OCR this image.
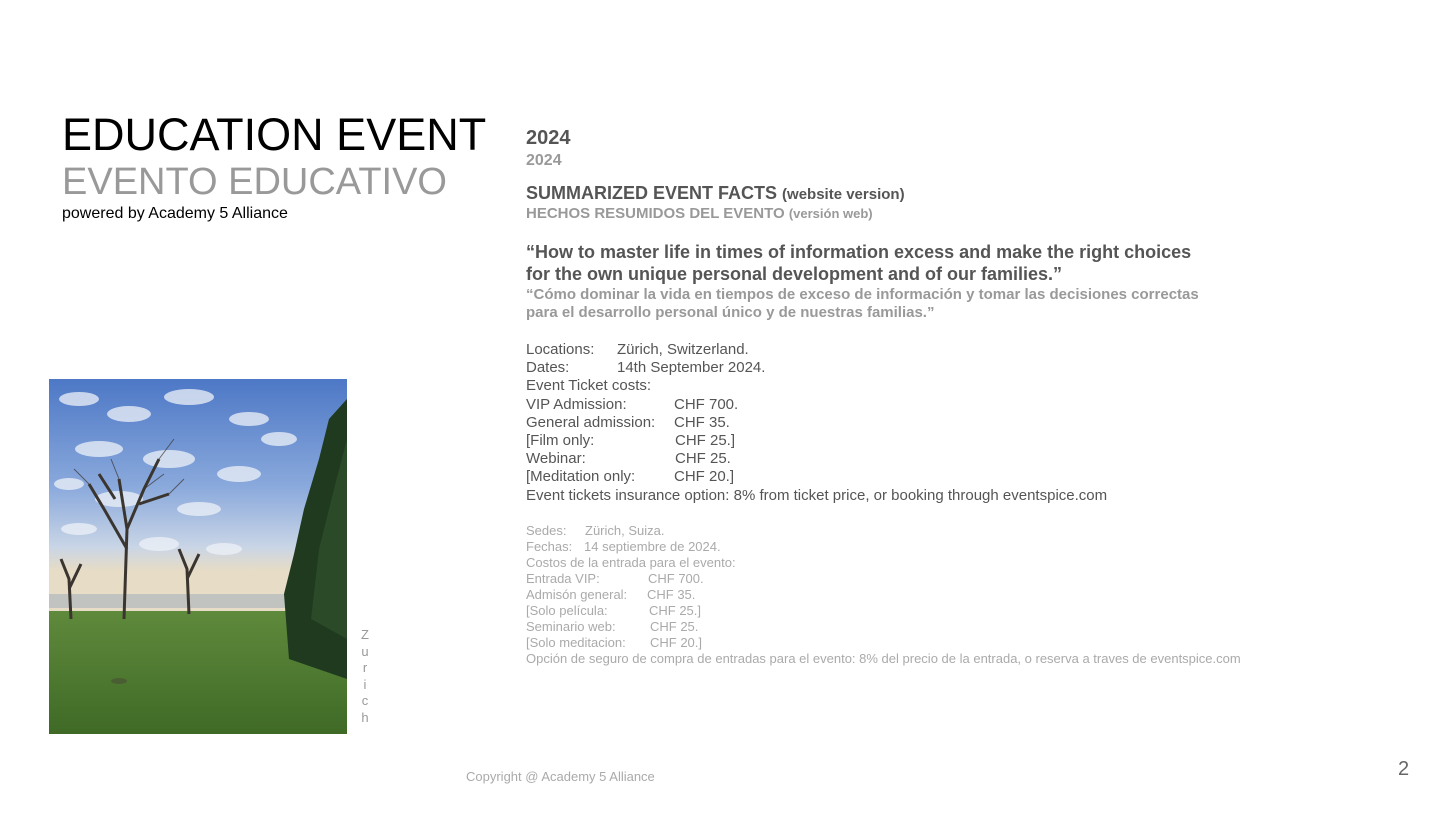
EDUCATION EVENT
EVENTO EDUCATIVO
powered by Academy 5 Alliance
Z
u
r
i
c
h
2024
2024
SUMMARIZED EVENT FACTS (website version)
HECHOS RESUMIDOS DEL EVENTO (versión web)
“How to master life in times of information excess and make the right choices
for the own unique personal development and of our families.”
“Cómo dominar la vida en tiempos de exceso de información y tomar las decisiones correctas
para el desarrollo personal único y de nuestras familias.”
Locations: Zürich, Switzerland.
Dates:	14th September 2024.
Event Ticket costs:
VIP Admission:	CHF 700.
General admission: CHF 35.
[Film only:	CHF 25.]
Webinar:	CHF 25.
[Meditation only:	CHF 20.]
Event tickets insurance option: 8% from ticket price, or booking through eventspice.com
Sedes: Zürich, Suiza.
Fechas: 14 septiembre de 2024.
Costos de la entrada para el evento:
Entrada VIP:	CHF 700.
Admisón general: CHF 35.
[Solo película:	CHF 25.]
Seminario web:	CHF 25.
[Solo meditacion: CHF 20.]
Opción de seguro de compra de entradas para el evento: 8% del precio de la entrada, o reserva a traves de eventspice.com
Copyright @ Academy 5 Alliance	2
